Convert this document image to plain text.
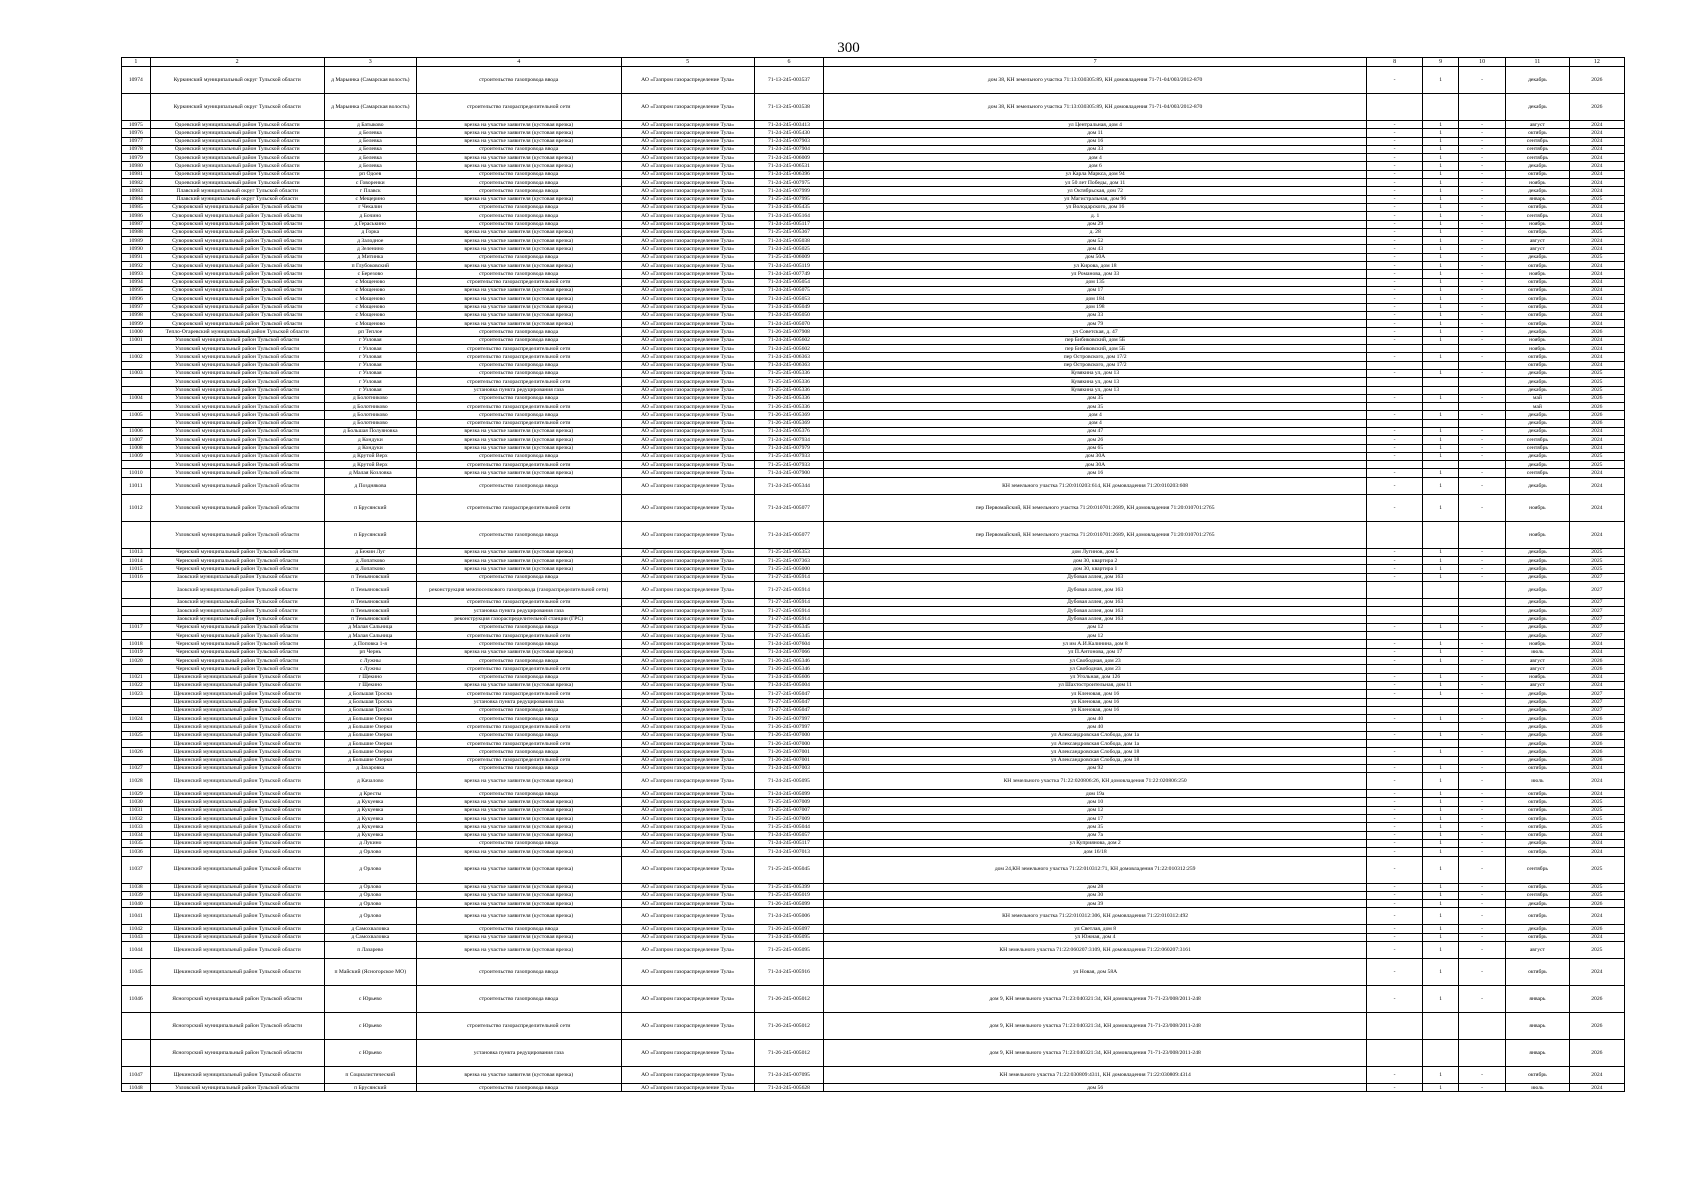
300
1	2	3	4	5	6	7	8	9	10	11	12
10974	Куркинский муниципальный округ Тульской области	д Марьинка (Самарская волость)	строительство газопровода ввода	АО «Газпром газораспределение Тула»	71-13-245-003537	дом 38, КН земельного участка 71:13:030305:89, КН домовладения 71-71-04/003/2012-870	-	1	-	декабрь	2026
	Куркинский муниципальный округ Тульской области	д Марьинка (Самарская волость)	строительство газораспределительной сети	АО «Газпром газораспределение Тула»	71-13-245-003538	дом 38, КН земельного участка 71:13:030305:89, КН домовладения 71-71-04/003/2012-870				декабрь	2026
10975	Одоевский муниципальный район Тульской области	д Батыково	врезка на участке заявителя (кустовая врезка)	АО «Газпром газораспределение Тула»	71-24-245-003413	ул Центральная, дом 4	-	1	-	август	2024
10976	Одоевский муниципальный район Тульской области	д Белевка	врезка на участке заявителя (кустовая врезка)	АО «Газпром газораспределение Тула»	71-24-245-005430	дом 11	-	1	-	октябрь	2024
10977	Одоевский муниципальный район Тульской области	д Белевка	врезка на участке заявителя (кустовая врезка)	АО «Газпром газораспределение Тула»	71-24-245-007903	дом 16	-	1	-	сентябрь	2024
10978	Одоевский муниципальный район Тульской области	д Белевка	строительство газопровода ввода	АО «Газпром газораспределение Тула»	71-24-245-007904	дом 33	-	1	-	сентябрь	2024
10979	Одоевский муниципальный район Тульской области	д Белевка	врезка на участке заявителя (кустовая врезка)	АО «Газпром газораспределение Тула»	71-24-245-006009	дом 4	-	1	-	сентябрь	2024
10980	Одоевский муниципальный район Тульской области	д Белевка	врезка на участке заявителя (кустовая врезка)	АО «Газпром газораспределение Тула»	71-24-245-006531	дом 6	-	1	-	декабрь	2024
10981	Одоевский муниципальный район Тульской области	рп Одоев	строительство газопровода ввода	АО «Газпром газораспределение Тула»	71-24-245-006396	ул Карла Маркса, дом 94	-	1	-	октябрь	2024
10982	Одоевский муниципальный район Тульской области	с Говоренки	строительство газопровода ввода	АО «Газпром газораспределение Тула»	71-24-245-007975	ул 50 лет Победы, дом 11	-	1	-	ноябрь	2024
10983	Плавский муниципальный округ Тульской области	г Плавск	строительство газопровода ввода	АО «Газпром газораспределение Тула»	71-24-245-007999	ул Октябрьская, дом 72	-	1	-	декабрь	2024
10984	Плавский муниципальный округ Тульской области	с Мещерино	врезка на участке заявителя (кустовая врезка)	АО «Газпром газораспределение Тула»	71-25-245-007995	ул Магистральная, дом 96	-	1	-	январь	2025
10985	Суворовский муниципальный район Тульской области	г Чекалин	строительство газопровода ввода	АО «Газпром газораспределение Тула»	71-24-245-005435	ул Володарского, дом 16	-	1	-	октябрь	2024
10986	Суворовский муниципальный район Тульской области	д Бочино	строительство газопровода ввода	АО «Газпром газораспределение Тула»	71-24-245-005164	д. 1	-	1	-	сентябрь	2024
10987	Суворовский муниципальный район Тульской области	д Гераськино	строительство газопровода ввода	АО «Газпром газораспределение Тула»	71-24-245-005117	дом 29	-	1	-	ноябрь	2024
10988	Суворовский муниципальный район Тульской области	д Горка	врезка на участке заявителя (кустовая врезка)	АО «Газпром газораспределение Тула»	71-25-245-005367	д. 28	-	1	-	октябрь	2025
10989	Суворовский муниципальный район Тульской области	д Залодное	врезка на участке заявителя (кустовая врезка)	АО «Газпром газораспределение Тула»	71-24-245-005038	дом 52	-	1	-	август	2024
10990	Суворовский муниципальный район Тульской области	д Зеленино	врезка на участке заявителя (кустовая врезка)	АО «Газпром газораспределение Тула»	71-24-245-005025	дом 43	-	1	-	август	2024
10991	Суворовский муниципальный район Тульской области	д Митинка	строительство газопровода ввода	АО «Газпром газораспределение Тула»	71-25-245-006009	дом 50А	-	1	-	декабрь	2025
10992	Суворовский муниципальный район Тульской области	п Глубоковский	врезка на участке заявителя (кустовая врезка)	АО «Газпром газораспределение Тула»	71-24-245-005119	ул Кирова, дом 18	-	1	-	октябрь	2024
10993	Суворовский муниципальный район Тульской области	с Березово	строительство газопровода ввода	АО «Газпром газораспределение Тула»	71-24-245-007749	ул Романова, дом 33	-	1	-	ноябрь	2024
10994	Суворовский муниципальный район Тульской области	с Мощеново	строительство газораспределительной сети	АО «Газпром газораспределение Тула»	71-24-245-005054	дом 135	-	1	-	октябрь	2024
10995	Суворовский муниципальный район Тульской области	с Мощеново	врезка на участке заявителя (кустовая врезка)	АО «Газпром газораспределение Тула»	71-24-245-005075	дом 17	-	1	-	октябрь	2024
10996	Суворовский муниципальный район Тульской области	с Мощеново	врезка на участке заявителя (кустовая врезка)	АО «Газпром газораспределение Тула»	71-24-245-005053	дом 184	-	1	-	октябрь	2024
10997	Суворовский муниципальный район Тульской области	с Мощеново	врезка на участке заявителя (кустовая врезка)	АО «Газпром газораспределение Тула»	71-24-245-005049	дом 198	-	1	-	октябрь	2024
10998	Суворовский муниципальный район Тульской области	с Мощеново	врезка на участке заявителя (кустовая врезка)	АО «Газпром газораспределение Тула»	71-24-245-005050	дом 33	-	1	-	октябрь	2024
10999	Суворовский муниципальный район Тульской области	с Мощеново	врезка на участке заявителя (кустовая врезка)	АО «Газпром газораспределение Тула»	71-24-245-005070	дом 79	-	1	-	октябрь	2024
11000	Тепло-Огаревский муниципальный район Тульской области	рп Теплое	строительство газопровода ввода	АО «Газпром газораспределение Тула»	71-26-245-007908	ул Советская, д. 47	-	1	-	декабрь	2026
11001	Узловский муниципальный район Тульской области	г Узловая	строительство газопровода ввода	АО «Газпром газораспределение Тула»	71-24-245-005602	пер Бибиковский, дом 5Б	-	1	-	ноябрь	2024
	Узловский муниципальный район Тульской области	г Узловая	строительство газораспределительной сети	АО «Газпром газораспределение Тула»	71-24-245-005602	пер Бибиковский, дом 5Б				ноябрь	2024
11002	Узловский муниципальный район Тульской области	г Узловая	строительство газораспределительной сети	АО «Газпром газораспределение Тула»	71-24-245-006363	пер Островского, дом 17/2	-	1	-	октябрь	2024
	Узловский муниципальный район Тульской области	г Узловая	строительство газопровода ввода	АО «Газпром газораспределение Тула»	71-24-245-006363	пер Островского, дом 17/2				октябрь	2024
11003	Узловский муниципальный район Тульской области	г Узловая	строительство газопровода ввода	АО «Газпром газораспределение Тула»	71-25-245-005336	Кувякина ул, дом 13	-	1	-	декабрь	2025
	Узловский муниципальный район Тульской области	г Узловая	строительство газораспределительной сети	АО «Газпром газораспределение Тула»	71-25-245-005336	Кувякина ул, дом 13				декабрь	2025
	Узловский муниципальный район Тульской области	г Узловая	установка пункта редуцирования газа	АО «Газпром газораспределение Тула»	71-25-245-005336	Кувякина ул, дом 13				декабрь	2025
11004	Узловский муниципальный район Тульской области	д Болотниково	строительство газопровода ввода	АО «Газпром газораспределение Тула»	71-26-245-005336	дом 35	-	1	-	май	2026
	Узловский муниципальный район Тульской области	д Болотниково	строительство газораспределительной сети	АО «Газпром газораспределение Тула»	71-26-245-005336	дом 35				май	2026
11005	Узловский муниципальный район Тульской области	д Болотниково	строительство газопровода ввода	АО «Газпром газораспределение Тула»	71-26-245-005369	дом 4	-	1	-	декабрь	2026
	Узловский муниципальный район Тульской области	д Болотниково	строительство газораспределительной сети	АО «Газпром газораспределение Тула»	71-26-245-005369	дом 4				декабрь	2026
11006	Узловский муниципальный район Тульской области	д Большая Полуяновка	врезка на участке заявителя (кустовая врезка)	АО «Газпром газораспределение Тула»	71-24-245-005376	дом 47	-	1	-	декабрь	2024
11007	Узловский муниципальный район Тульской области	д Кондуки	врезка на участке заявителя (кустовая врезка)	АО «Газпром газораспределение Тула»	71-24-245-007934	дом 26	-	1	-	сентябрь	2024
11008	Узловский муниципальный район Тульской области	д Кондуки	врезка на участке заявителя (кустовая врезка)	АО «Газпром газораспределение Тула»	71-24-245-007979	дом 65	-	1	-	сентябрь	2024
11009	Узловский муниципальный район Тульской области	д Крутой Верх	строительство газопровода ввода	АО «Газпром газораспределение Тула»	71-25-245-007933	дом 30А	-	1	-	декабрь	2025
	Узловский муниципальный район Тульской области	д Крутой Верх	строительство газораспределительной сети	АО «Газпром газораспределение Тула»	71-25-245-007933	дом 30А				декабрь	2025
11010	Узловский муниципальный район Тульской области	д Малая Козловка	врезка на участке заявителя (кустовая врезка)	АО «Газпром газораспределение Тула»	71-24-245-007900	дом 16	-	1	-	сентябрь	2024
11011	Узловский муниципальный район Тульской области	д Позднякова	строительство газопровода ввода	АО «Газпром газораспределение Тула»	71-24-245-005344	КН земельного участка 71:20:010203:614, КН домовладения 71:20:010203:608	-	1	-	декабрь	2024
11012	Узловский муниципальный район Тульской области	п Брусянский	строительство газораспределительной сети	АО «Газпром газораспределение Тула»	71-24-245-005077	пер Первомайский, КН земельного участка 71:20:010701:2689, КН домовладения 71:20:010701:2765	-	1	-	ноябрь	2024
	Узловский муниципальный район Тульской области	п Брусянский	строительство газопровода ввода	АО «Газпром газораспределение Тула»	71-24-245-005077	пер Первомайский, КН земельного участка 71:20:010701:2689, КН домовладения 71:20:010701:2765				ноябрь	2024
11013	Чернский муниципальный район Тульской области	д Бежин Луг	врезка на участке заявителя (кустовая врезка)	АО «Газпром газораспределение Тула»	71-25-245-005353	дом Лугинов, дом 5	-	1	-	декабрь	2025
11014	Чернский муниципальный район Тульской области	д Лопатково	врезка на участке заявителя (кустовая врезка)	АО «Газпром газораспределение Тула»	71-25-245-007363	дом 30, квартира 2	-	1	-	декабрь	2025
11015	Чернский муниципальный район Тульской области	д Лопатково	врезка на участке заявителя (кустовая врезка)	АО «Газпром газораспределение Тула»	71-25-245-005000	дом 30, квартира 1	-	1	-	декабрь	2025
11016	Заокский муниципальный район Тульской области	п Темьяновский	строительство газопровода ввода	АО «Газпром газораспределение Тула»	71-27-245-005914	Дубовая аллея, дом 163	-	1	-	декабрь	2027
	Заокский муниципальный район Тульской области	п Темьяновский	реконструкция межпоселкового газопровода (газораспределительной сети)	АО «Газпром газораспределение Тула»	71-27-245-005914	Дубовая аллея, дом 163				декабрь	2027
	Заокский муниципальный район Тульской области	п Темьяновский	строительство газораспределительной сети	АО «Газпром газораспределение Тула»	71-27-245-005914	Дубовая аллея, дом 163				декабрь	2027
	Заокский муниципальный район Тульской области	п Темьяновский	установка пункта редуцирования газа	АО «Газпром газораспределение Тула»	71-27-245-005914	Дубовая аллея, дом 163				декабрь	2027
	Заокский муниципальный район Тульской области	п Темьяновский	реконструкция газораспределительной станции (ГРС)	АО «Газпром газораспределение Тула»	71-27-245-005914	Дубовая аллея, дом 163				декабрь	2027
11017	Чернский муниципальный район Тульской области	д Малая Сальница	строительство газопровода ввода	АО «Газпром газораспределение Тула»	71-27-245-005345	дом 12	-	1	-	декабрь	2027
	Чернский муниципальный район Тульской области	д Малая Сальница	строительство газораспределительной сети	АО «Газпром газораспределение Тула»	71-27-245-005345	дом 12				декабрь	2027
11018	Чернский муниципальный район Тульской области	д Поповка 1-я	строительство газопровода ввода	АО «Газпром газораспределение Тула»	71-24-245-007604	ул им А.И.Калинина, дом 8	-	1	-	ноябрь	2024
11019	Чернский муниципальный район Тульской области	рп Чернь	врезка на участке заявителя (кустовая врезка)	АО «Газпром газораспределение Тула»	71-24-245-007066	ул П.Антонова, дом 17	-	1	-	июль	2024
11020	Чернский муниципальный район Тульской области	с Лужны	строительство газопровода ввода	АО «Газпром газораспределение Тула»	71-26-245-005346	ул Свободная, дом 23	-	1	-	август	2026
	Чернский муниципальный район Тульской области	с Лужны	строительство газораспределительной сети	АО «Газпром газораспределение Тула»	71-26-245-005346	ул Свободная, дом 23				август	2026
11021	Щекинский муниципальный район Тульской области	г Щекино	строительство газопровода ввода	АО «Газпром газораспределение Тула»	71-24-245-005606	ул Угольная, дом 126	-	1	-	ноябрь	2024
11022	Щекинский муниципальный район Тульской области	г Щекино	врезка на участке заявителя (кустовая врезка)	АО «Газпром газораспределение Тула»	71-24-245-005004	ул Шахтостроительная, дом 11	-	1	-	август	2024
11023	Щекинский муниципальный район Тульской области	д Большая Тросна	строительство газораспределительной сети	АО «Газпром газораспределение Тула»	71-27-245-005047	ул Кленовая, дом 16	-	1	-	декабрь	2027
	Щекинский муниципальный район Тульской области	д Большая Тросна	установка пункта редуцирования газа	АО «Газпром газораспределение Тула»	71-27-245-005047	ул Кленовая, дом 16				декабрь	2027
	Щекинский муниципальный район Тульской области	д Большая Тросна	строительство газопровода ввода	АО «Газпром газораспределение Тула»	71-27-245-005047	ул Кленовая, дом 16				декабрь	2027
11024	Щекинский муниципальный район Тульской области	д Большие Озерки	строительство газопровода ввода	АО «Газпром газораспределение Тула»	71-26-245-007997	дом 40	-	1	-	декабрь	2026
	Щекинский муниципальный район Тульской области	д Большие Озерки	строительство газораспределительной сети	АО «Газпром газораспределение Тула»	71-26-245-007997	дом 40				декабрь	2026
11025	Щекинский муниципальный район Тульской области	д Большие Озерки	строительство газопровода ввода	АО «Газпром газораспределение Тула»	71-26-245-007000	ул Александровская Слобода, дом 1а	-	1	-	декабрь	2026
	Щекинский муниципальный район Тульской области	д Большие Озерки	строительство газораспределительной сети	АО «Газпром газораспределение Тула»	71-26-245-007000	ул Александровская Слобода, дом 1а				декабрь	2026
11026	Щекинский муниципальный район Тульской области	д Большие Озерки	строительство газопровода ввода	АО «Газпром газораспределение Тула»	71-26-245-007001	ул Александровская Слобода, дом 18	-	1	-	декабрь	2026
	Щекинский муниципальный район Тульской области	д Большие Озерки	строительство газораспределительной сети	АО «Газпром газораспределение Тула»	71-26-245-007001	ул Александровская Слобода, дом 18				декабрь	2026
11027	Щекинский муниципальный район Тульской области	д Захаровка	строительство газопровода ввода	АО «Газпром газораспределение Тула»	71-24-245-007003	дом 92	-	1	-	октябрь	2024
11028	Щекинский муниципальный район Тульской области	д Качалово	врезка на участке заявителя (кустовая врезка)	АО «Газпром газораспределение Тула»	71-24-245-005095	КН земельного участка 71:22:020806:26, КН домовладения 71:22:020806:250	-	1	-	июль	2024
11029	Щекинский муниципальный район Тульской области	д Кресты	строительство газопровода ввода	АО «Газпром газораспределение Тула»	71-24-245-005099	дом 19а	-	1	-	октябрь	2024
11030	Щекинский муниципальный район Тульской области	д Кукуевка	врезка на участке заявителя (кустовая врезка)	АО «Газпром газораспределение Тула»	71-25-245-007009	дом 10	-	1	-	октябрь	2025
11031	Щекинский муниципальный район Тульской области	д Кукуевка	врезка на участке заявителя (кустовая врезка)	АО «Газпром газораспределение Тула»	71-25-245-007007	дом 12	-	1	-	октябрь	2025
11032	Щекинский муниципальный район Тульской области	д Кукуевка	врезка на участке заявителя (кустовая врезка)	АО «Газпром газораспределение Тула»	71-25-245-007009	дом 17	-	1	-	октябрь	2025
11033	Щекинский муниципальный район Тульской области	д Кукуевка	врезка на участке заявителя (кустовая врезка)	АО «Газпром газораспределение Тула»	71-25-245-005044	дом 35	-	1	-	октябрь	2025
11034	Щекинский муниципальный район Тульской области	д Кукуевка	врезка на участке заявителя (кустовая врезка)	АО «Газпром газораспределение Тула»	71-24-245-005057	дом 7а	-	1	-	октябрь	2024
11035	Щекинский муниципальный район Тульской области	д Лукино	строительство газопровода ввода	АО «Газпром газораспределение Тула»	71-24-245-005117	ул Куприянова, дом 2	-	1	-	декабрь	2024
11036	Щекинский муниципальный район Тульской области	д Орлово	врезка на участке заявителя (кустовая врезка)	АО «Газпром газораспределение Тула»	71-24-245-007013	дом 16/18	-	1	-	октябрь	2024
11037	Щекинский муниципальный район Тульской области	д Орлово	врезка на участке заявителя (кустовая врезка)	АО «Газпром газораспределение Тула»	71-25-245-005045	дом 24,КН земельного участка 71:22:010312:71, КН домовладения 71:22:010312:259	-	1	-	сентябрь	2025
11038	Щекинский муниципальный район Тульской области	д Орлово	врезка на участке заявителя (кустовая врезка)	АО «Газпром газораспределение Тула»	71-25-245-005399	дом 28	-	1	-	октябрь	2025
11039	Щекинский муниципальный район Тульской области	д Орлово	врезка на участке заявителя (кустовая врезка)	АО «Газпром газораспределение Тула»	71-25-245-005019	дом 30	-	1	-	сентябрь	2025
11040	Щекинский муниципальный район Тульской области	д Орлово	врезка на участке заявителя (кустовая врезка)	АО «Газпром газораспределение Тула»	71-26-245-005099	дом 39	-	1	-	декабрь	2026
11041	Щекинский муниципальный район Тульской области	д Орлово	врезка на участке заявителя (кустовая врезка)	АО «Газпром газораспределение Тула»	71-24-245-005006	КН земельного участка 71:22:010312:306, КН домовладения 71:22:010312:492	-	1	-	октябрь	2024
11042	Щекинский муниципальный район Тульской области	д Самохваловка	строительство газопровода ввода	АО «Газпром газораспределение Тула»	71-26-245-005097	ул Светлая, дом 8	-	1	-	декабрь	2026
11043	Щекинский муниципальный район Тульской области	д Самохваловка	врезка на участке заявителя (кустовая врезка)	АО «Газпром газораспределение Тула»	71-24-245-005095	ул Южная, дом 4	-	1	-	октябрь	2024
11044	Щекинский муниципальный район Тульской области	п Лазарево	врезка на участке заявителя (кустовая врезка)	АО «Газпром газораспределение Тула»	71-25-245-005095	КН земельного участка 71:22:060207:3109, КН домовладения 71:22:060207:3161	-	1	-	август	2025
11045	Щекинский муниципальный район Тульской области	п Майский (Ясногорское МО)	строительство газопровода ввода	АО «Газпром газораспределение Тула»	71-24-245-005916	ул Новая, дом 58А	-	1	-	октябрь	2024
11046	Ясногорский муниципальный район Тульской области	с Юрьево	строительство газопровода ввода	АО «Газпром газораспределение Тула»	71-26-245-005012	дом 9, КН земельного участка 71:23:040321:34, КН домовладения 71-71-23/008/2011-248	-	1	-	январь	2026
	Ясногорский муниципальный район Тульской области	с Юрьево	строительство газораспределительной сети	АО «Газпром газораспределение Тула»	71-26-245-005012	дом 9, КН земельного участка 71:23:040321:34, КН домовладения 71-71-23/008/2011-248				январь	2026
	Ясногорский муниципальный район Тульской области	с Юрьево	установка пункта редуцирования газа	АО «Газпром газораспределение Тула»	71-26-245-005012	дом 9, КН земельного участка 71:23:040321:34, КН домовладения 71-71-23/008/2011-248				январь	2026
11047	Щекинский муниципальный район Тульской области	п Социалистический	врезка на участке заявителя (кустовая врезка)	АО «Газпром газораспределение Тула»	71-24-245-007095	КН земельного участка 71:22:030809:4311, КН домовладения 71:22:030809:4314	-	1	-	октябрь	2024
11048	Узловский муниципальный район Тульской области	п Брусянский	строительство газопровода ввода	АО «Газпром газораспределение Тула»	71-24-245-005628	дом 56	-	1	-	июль	2024
